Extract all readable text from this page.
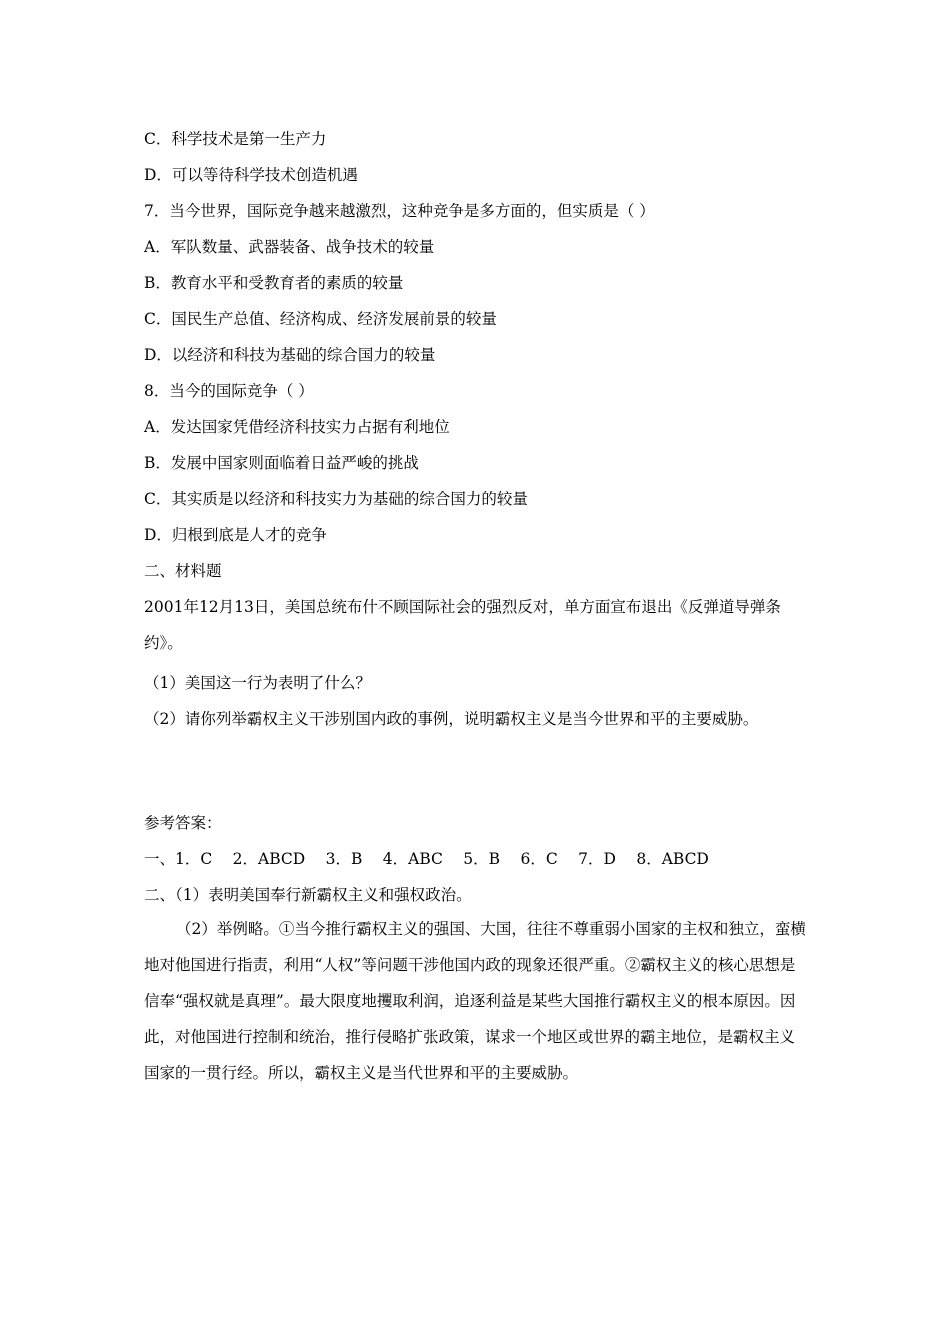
C．科学技术是第一生产力
D．可以等待科学技术创造机遇
7．当今世界，国际竞争越来越激烈，这种竞争是多方面的，但实质是（ ）
A．军队数量、武器装备、战争技术的较量
B．教育水平和受教育者的素质的较量
C．国民生产总值、经济构成、经济发展前景的较量
D．以经济和科技为基础的综合国力的较量
8．当今的国际竞争（ ）
A．发达国家凭借经济科技实力占据有利地位
B．发展中国家则面临着日益严峻的挑战
C．其实质是以经济和科技实力为基础的综合国力的较量
D．归根到底是人才的竞争
二、材料题
2001年12月13日，美国总统布什不顾国际社会的强烈反对，单方面宣布退出《反弹道导弹条约》。
（1）美国这一行为表明了什么？
（2）请你列举霸权主义干涉别国内政的事例，说明霸权主义是当今世界和平的主要威胁。
参考答案：
一、1．C　 2．ABCD　 3．B　 4．ABC　 5．B　 6．C　 7．D　 8．ABCD
二、（1）表明美国奉行新霸权主义和强权政治。
（2）举例略。①当今推行霸权主义的强国、大国，往往不尊重弱小国家的主权和独立，蛮横地对他国进行指责，利用“人权”等问题干涉他国内政的现象还很严重。②霸权主义的核心思想是信奉“强权就是真理”。最大限度地攫取利润，追逐利益是某些大国推行霸权主义的根本原因。因此，对他国进行控制和统治，推行侵略扩张政策，谋求一个地区或世界的霸主地位，是霸权主义国家的一贯行经。所以，霸权主义是当代世界和平的主要威胁。
